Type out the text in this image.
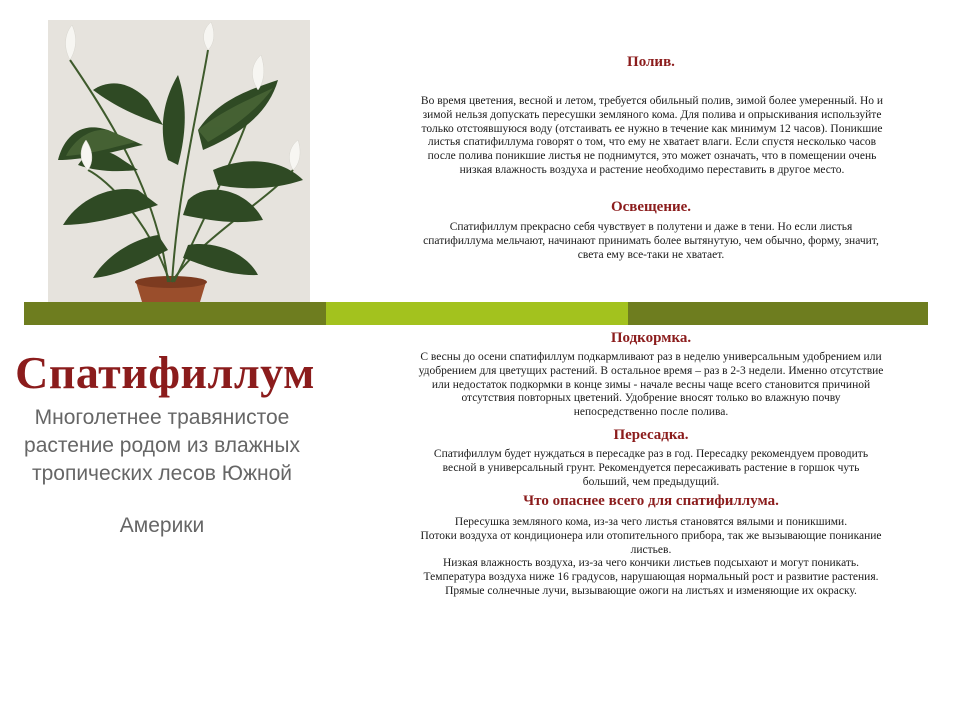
Спатифиллум
Многолетнее травянистое растение родом из влажных тропических лесов Южной
Америки

Полив.

Во время цветения, весной и летом, требуется обильный полив, зимой более умеренный. Но и

зимой нельзя допускать пересушки земляного кома. Для полива и опрыскивания используйте

только отстоявшуюся воду (отстаивать ее нужно в течение как минимум 12 часов). Поникшие

листья спатифиллума говорят о том, что ему не хватает влаги. Если спустя несколько часов

после полива поникшие листья не поднимутся, это может означать, что в помещении очень

низкая влажность воздуха и растение необходимо переставить в другое место.

Освещение.

Спатифиллум прекрасно себя чувствует в полутени и даже в тени. Но если листья

спатифиллума мельчают, начинают принимать более вытянутую, чем обычно, форму, значит,

света ему все-таки не хватает.

Подкормка.

С весны до осени спатифиллум подкармливают раз в неделю универсальным удобрением или

удобрением для цветущих растений. В остальное время – раз в 2-3 недели. Именно отсутствие

или недостаток подкормки в конце зимы - начале весны чаще всего становится причиной

отсутствия повторных цветений. Удобрение вносят только во влажную почву

непосредственно после полива.

Пересадка.

Спатифиллум будет нуждаться в пересадке раз в год. Пересадку рекомендуем проводить

весной в универсальный грунт. Рекомендуется пересаживать растение в горшок чуть

больший, чем предыдущий.

Что опаснее всего для спатифиллума.

Пересушка земляного кома, из-за чего листья становятся вялыми и поникшими.

Потоки воздуха от кондиционера или отопительного прибора, так же вызывающие поникание

листьев.

Низкая влажность воздуха, из-за чего кончики листьев подсыхают и могут поникать.

Температура воздуха ниже 16 градусов, нарушающая нормальный рост и развитие растения.

Прямые солнечные лучи, вызывающие ожоги на листьях и изменяющие их окраску.
